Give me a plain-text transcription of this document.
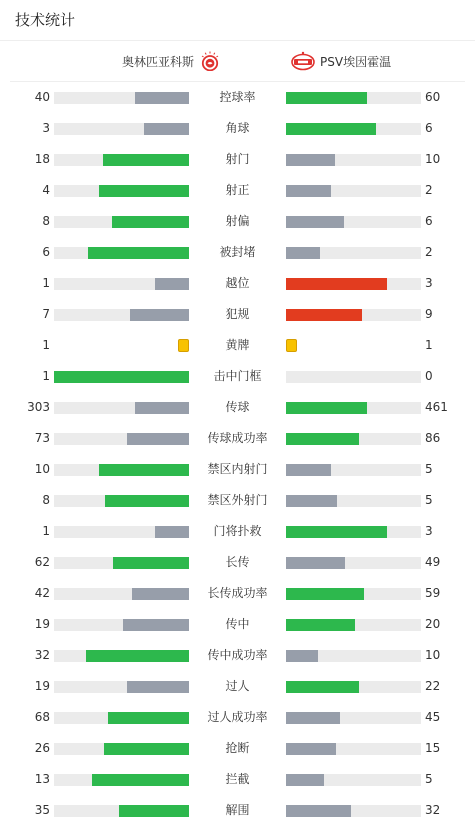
技术统计
奥林匹亚科斯	PSV埃因霍温
40	控球率	60
3	角球	6
18	射门	10
4	射正	2
8	射偏	6
6	被封堵	2
1	越位	3
7	犯规	9
1	黄牌	1
1	击中门框	0
303	传球	461
73	传球成功率	86
10	禁区内射门	5
8	禁区外射门	5
1	门将扑救	3
62	长传	49
42	长传成功率	59
19	传中	20
32	传中成功率	10
19	过人	22
68	过人成功率	45
26	抢断	15
13	拦截	5
35	解围	32
